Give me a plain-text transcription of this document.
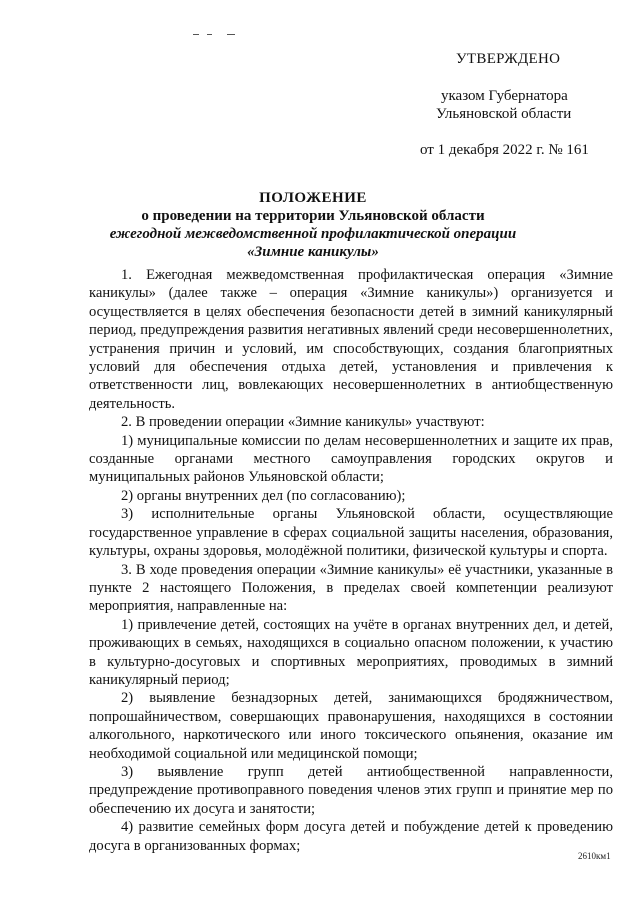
УТВЕРЖДЕНО
указом Губернатора
Ульяновской области
от 1 декабря 2022 г. № 161
ПОЛОЖЕНИЕ
о проведении на территории Ульяновской области
ежегодной межведомственной профилактической операции
«Зимние каникулы»

1. Ежегодная межведомственная профилактическая операция «Зимние каникулы» (далее также – операция «Зимние каникулы») организуется и осуществляется в целях обеспечения безопасности детей в зимний каникулярный период, предупреждения развития негативных явлений среди несовершеннолетних, устранения причин и условий, им способствующих, создания благоприятных условий для обеспечения отдыха детей, установления и привлечения к ответственности лиц, вовлекающих несовершеннолетних в антиобщественную деятельность.

2. В проведении операции «Зимние каникулы» участвуют:

1) муниципальные комиссии по делам несовершеннолетних и защите их прав, созданные органами местного самоуправления городских округов и муниципальных районов Ульяновской области;

2) органы внутренних дел (по согласованию);

3) исполнительные органы Ульяновской области, осуществляющие государственное управление в сферах социальной защиты населения, образования, культуры, охраны здоровья, молодёжной политики, физической культуры и спорта.

3. В ходе проведения операции «Зимние каникулы» её участники, указанные в пункте 2 настоящего Положения, в пределах своей компетенции реализуют мероприятия, направленные на:

1) привлечение детей, состоящих на учёте в органах внутренних дел, и детей, проживающих в семьях, находящихся в социально опасном положении, к участию в культурно-досуговых и спортивных мероприятиях, проводимых в зимний каникулярный период;

2) выявление безнадзорных детей, занимающихся бродяжничеством, попрошайничеством, совершающих правонарушения, находящихся в состоянии алкогольного, наркотического или иного токсического опьянения, оказание им необходимой социальной или медицинской помощи;

3) выявление групп детей антиобщественной направленности, предупреждение противоправного поведения членов этих групп и принятие мер по обеспечению их досуга и занятости;

4) развитие семейных форм досуга детей и побуждение детей к проведению досуга в организованных формах;

2610км1
